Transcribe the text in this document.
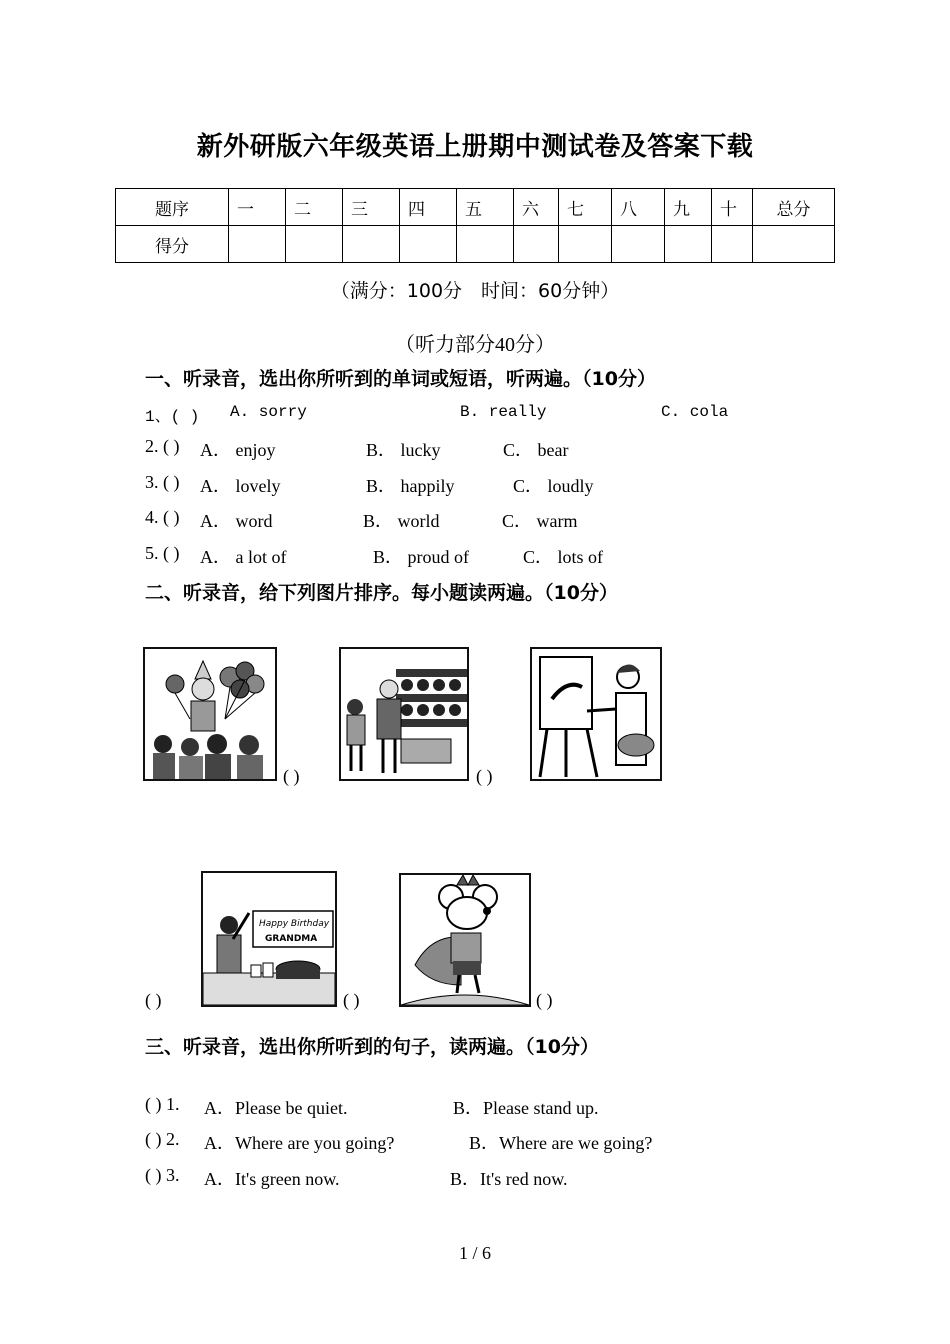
新外研版六年级英语上册期中测试卷及答案下载
题序	一	二	三	四	五	六	七	八	九	十	总分
得分											
（满分：100分　时间：60分钟）
（听力部分40分）
一、听录音，选出你所听到的单词或短语，听两遍。（10分）
1、( ) A. sorry	B. really	C. cola
2. ( ) A． enjoy	B． lucky	C． bear
3. ( ) A． lovely	B． happily	C． loudly
4. ( ) A． word	B． world	C． warm
5. ( ) A． a lot of	B． proud of	C． lots of
二、听录音，给下列图片排序。每小题读两遍。（10分）
( )	( )
( )
Happy Birthday
GRANDMA
( )	( )
三、听录音，选出你所听到的句子，读两遍。（10分）
( ) 1. A．Please be quiet.	B．Please stand up.
( ) 2. A．Where are you going?	B．Where are we going?
( ) 3. A．It's green now.	B．It's red now.
1 / 6
